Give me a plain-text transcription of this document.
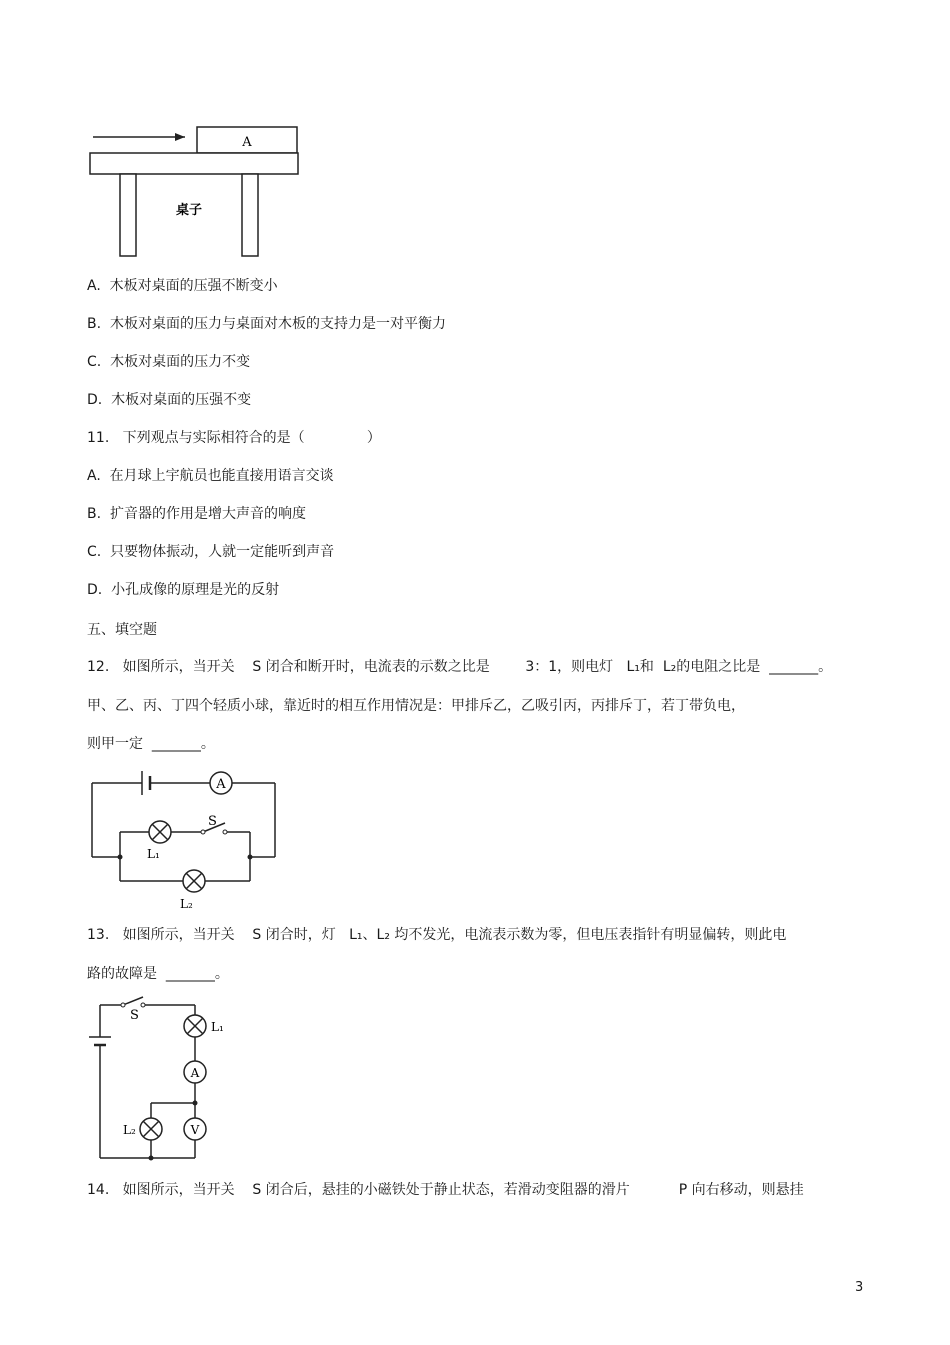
A
桌子
A.  木板对桌面的压强不断变小
B.  木板对桌面的压力与桌面对木板的支持力是一对平衡力
C.  木板对桌面的压力不变
D.  木板对桌面的压强不变
11.   下列观点与实际相符合的是（              ）
A.  在月球上宇航员也能直接用语言交谈
B.  扩音器的作用是增大声音的响度
C.  只要物体振动，人就一定能听到声音
D.  小孔成像的原理是光的反射
五、填空题
12.   如图所示，当开关    S 闭合和断开时，电流表的示数之比是        3：1，则电灯   L₁和  L₂的电阻之比是  _______。
甲、乙、丙、丁四个轻质小球，靠近时的相互作用情况是：甲排斥乙，乙吸引丙，丙排斥丁，若丁带负电，
则甲一定  _______。
A
S
L₁
L₂
13.   如图所示，当开关    S 闭合时，灯   L₁、L₂ 均不发光，电流表示数为零，但电压表指针有明显偏转，则此电
路的故障是  _______。
S
L₁
A
L₂	V
14.   如图所示，当开关    S 闭合后，悬挂的小磁铁处于静止状态，若滑动变阻器的滑片           P 向右移动，则悬挂
3
